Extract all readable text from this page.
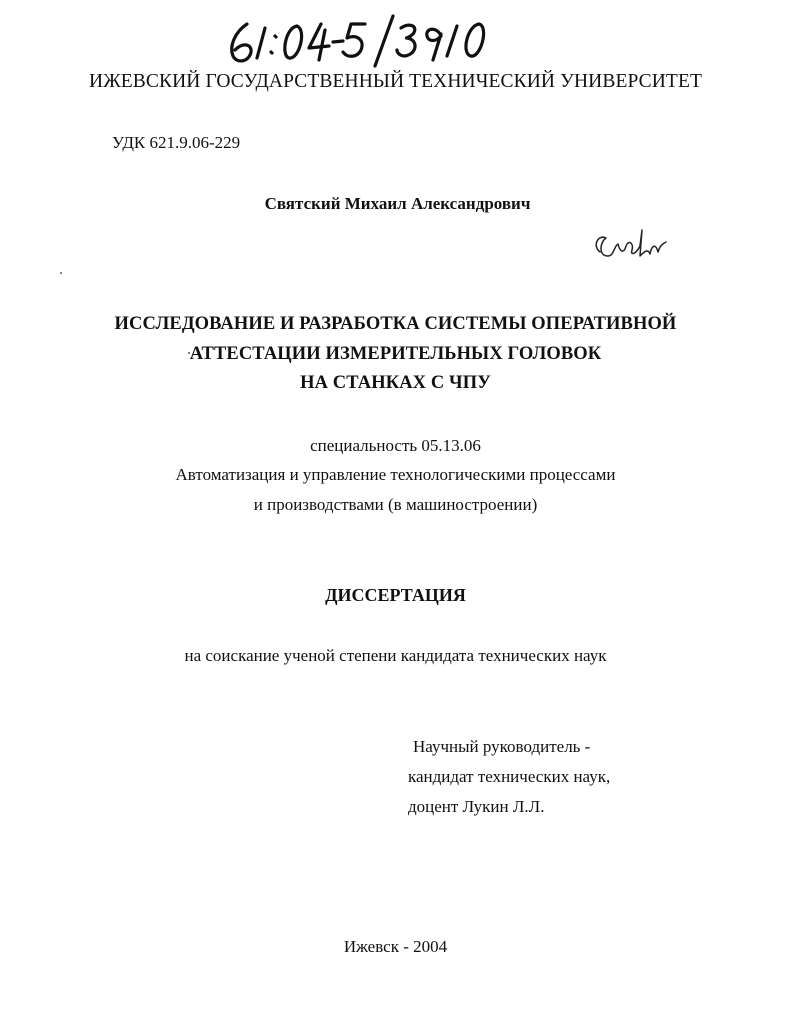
ИЖЕВСКИЙ ГОСУДАРСТВЕННЫЙ ТЕХНИЧЕСКИЙ УНИВЕРСИТЕТ
УДК 621.9.06-229
Святский Михаил Александрович
ИССЛЕДОВАНИЕ И РАЗРАБОТКА СИСТЕМЫ ОПЕРАТИВНОЙ
АТТЕСТАЦИИ ИЗМЕРИТЕЛЬНЫХ ГОЛОВОК
НА СТАНКАХ С ЧПУ
специальность 05.13.06
Автоматизация и управление технологическими процессами
и производствами (в машиностроении)
ДИССЕРТАЦИЯ
на соискание ученой степени кандидата технических наук
Научный руководитель -
кандидат технических наук,
доцент Лукин Л.Л.
Ижевск - 2004
